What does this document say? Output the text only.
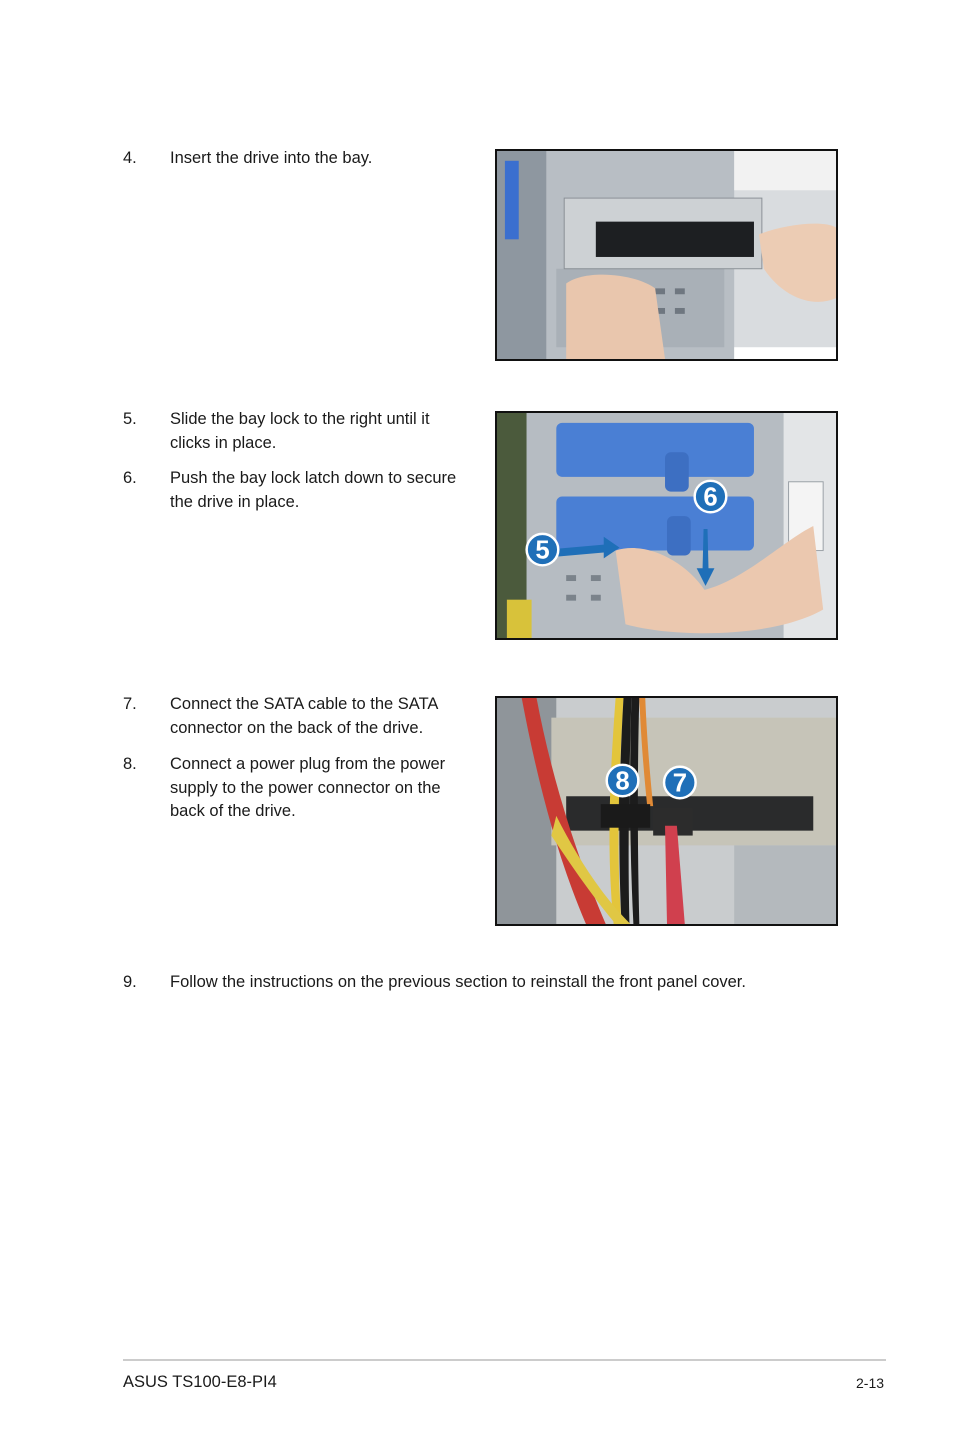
4. Insert the drive into the bay.
5. Slide the bay lock to the right until it
clicks in place.
6. Push the bay lock latch down to secure
the drive in place.	6
5
7. Connect the SATA cable to the SATA
connector on the back of the drive.
8. Connect a power plug from the power
supply to the power connector on the
back of the drive.
8 7
9. Follow the instructions on the previous section to reinstall the front panel cover.
ASUS TS100-E8-PI4	2-13
